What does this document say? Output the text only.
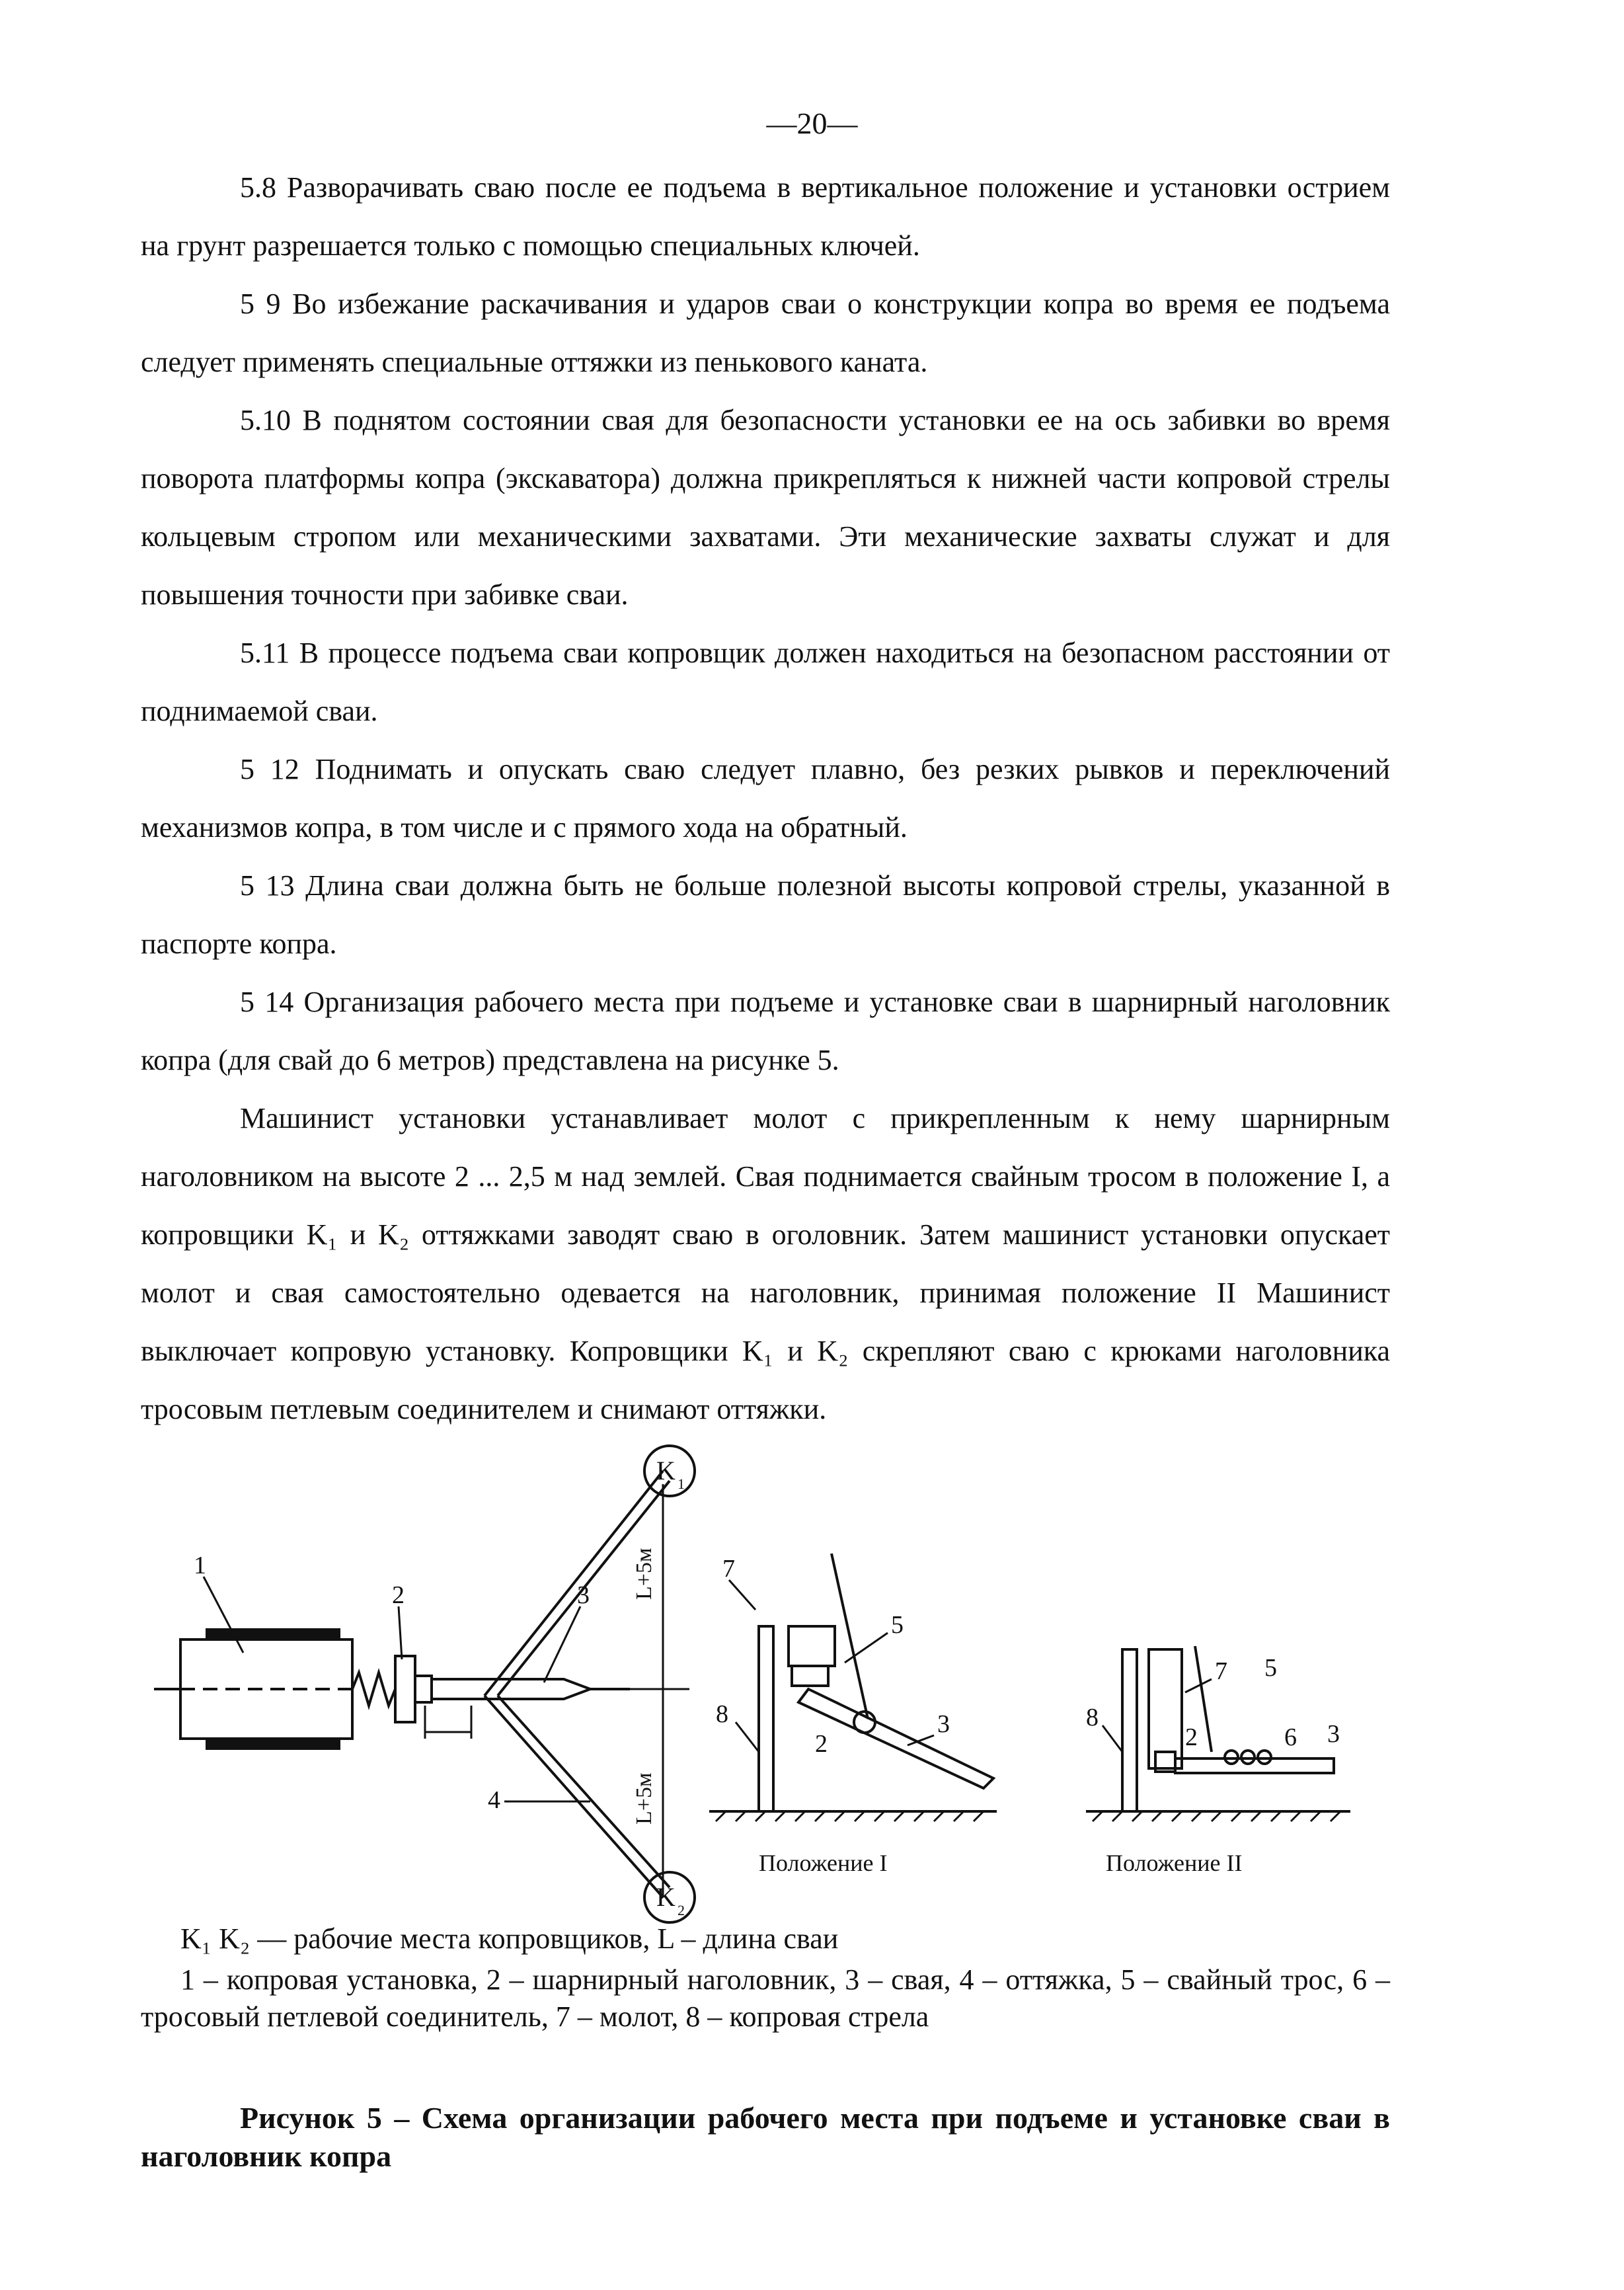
—20—

5.8 Разворачивать сваю после ее подъема в вертикальное положение и установки острием на грунт разрешается только с помощью специальных ключей.

5 9 Во избежание раскачивания и ударов сваи о конструкции копра во время ее подъема следует применять специальные оттяжки из пенькового каната.

5.10 В поднятом состоянии свая для безопасности установки ее на ось забивки во время поворота платформы копра (экскаватора) должна прикрепляться к нижней части копровой стрелы кольцевым стропом или механическими захватами. Эти механические захваты служат и для повышения точности при забивке сваи.

5.11 В процессе подъема сваи копровщик должен находиться на безопасном расстоянии от поднимаемой сваи.

5 12 Поднимать и опускать сваю следует плавно, без резких рывков и переключений механизмов копра, в том числе и с прямого хода на обратный.

5 13 Длина сваи должна быть не больше полезной высоты копровой стрелы, указанной в паспорте копра.

5 14 Организация рабочего места при подъеме и установке сваи в шарнирный наголовник копра (для свай до 6 метров) представлена на рисунке 5.

Машинист установки устанавливает молот с прикрепленным к нему шарнирным наголовником на высоте 2 ... 2,5 м над землей. Свая поднимается свайным тросом в положение I, а копровщики K₁ и K₂ оттяжками заводят сваю в оголовник. Затем машинист установки опускает молот и свая самостоятельно одевается на наголовник, принимая положение II Машинист выключает копровую установку. Копровщики K₁ и K₂ скрепляют сваю с крюками наголовника тросовым петлевым соединителем и снимают оттяжки.

1
2	3
4
K 1
K 2
L+5м
L+5м
7
5
3
8
2
7 5
2	6 3
8
Положение I	Положение II
K₁ K₂ — рабочие места копровщиков, L – длина сваи
1 – копровая установка, 2 – шарнирный наголовник, 3 – свая, 4 – оттяжка, 5 – свайный трос, 6 – тросовый петлевой соединитель, 7 – молот, 8 – копровая стрела
Рисунок 5 – Схема организации рабочего места при подъеме и установке сваи в наголовник копра
